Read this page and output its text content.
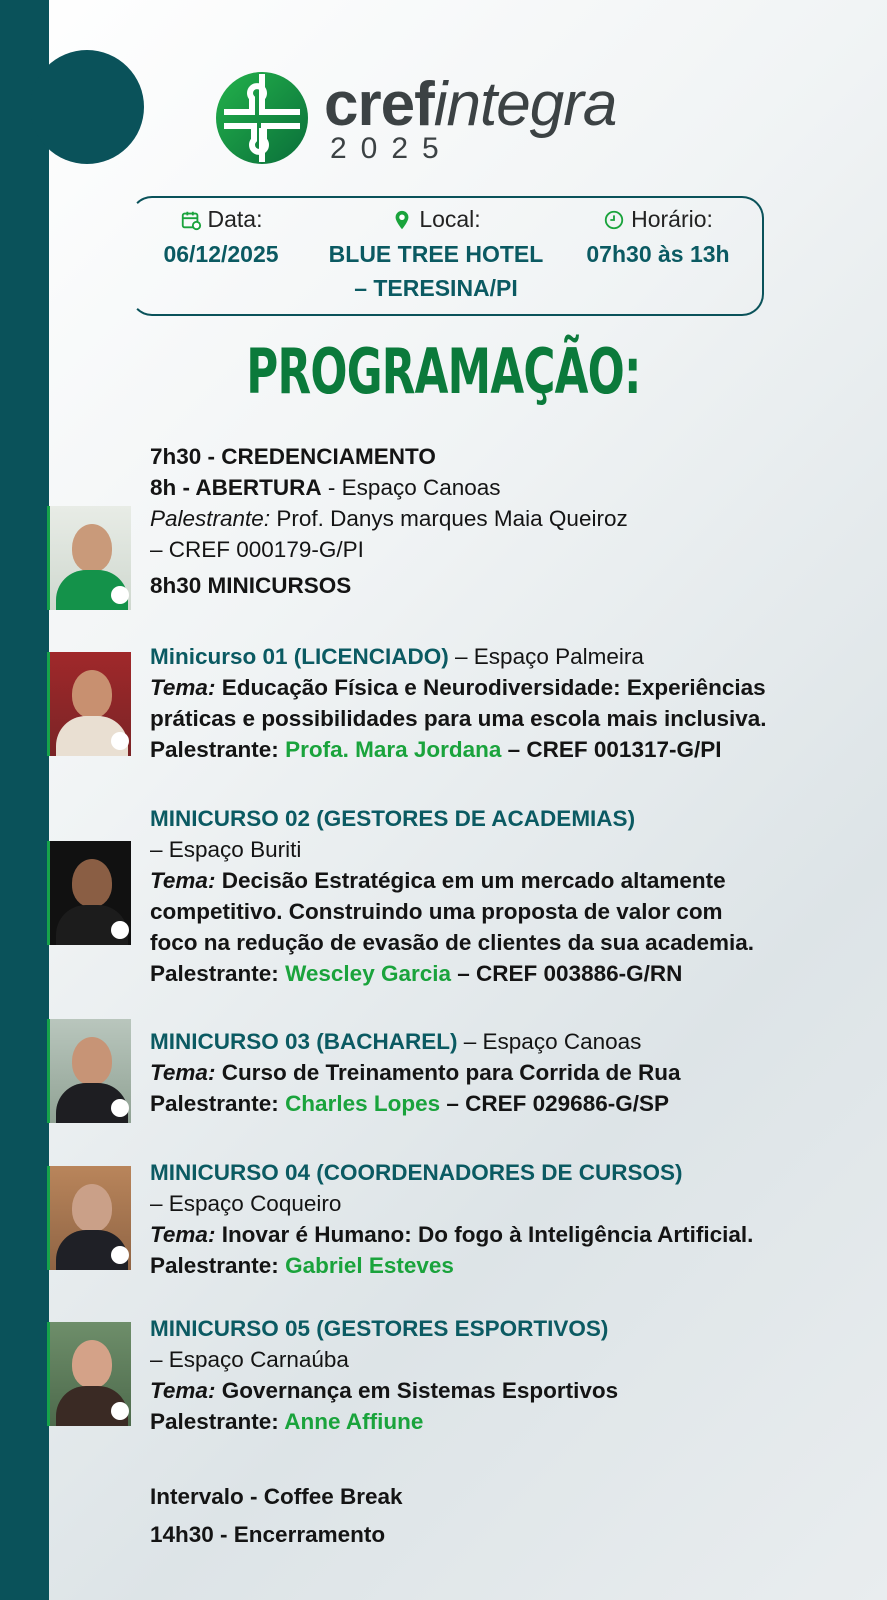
crefintegra
2025
Data:
06/12/2025
Local:
BLUE TREE HOTEL
– TERESINA/PI
Horário:
07h30 às 13h
PROGRAMAÇÃO:
7h30 - CREDENCIAMENTO
8h - ABERTURA - Espaço Canoas
Palestrante: Prof. Danys marques Maia Queiroz
– CREF 000179-G/PI
8h30 MINICURSOS
Minicurso 01 (LICENCIADO) – Espaço Palmeira
Tema: Educação Física e Neurodiversidade: Experiências
práticas e possibilidades para uma escola mais inclusiva.
Palestrante: Profa. Mara Jordana – CREF 001317-G/PI
MINICURSO 02 (GESTORES DE ACADEMIAS)
– Espaço Buriti
Tema: Decisão Estratégica em um mercado altamente
competitivo. Construindo uma proposta de valor com
foco na redução de evasão de clientes da sua academia.
Palestrante: Wescley Garcia – CREF 003886-G/RN
MINICURSO 03 (BACHAREL) – Espaço Canoas
Tema: Curso de Treinamento para Corrida de Rua
Palestrante: Charles Lopes – CREF 029686-G/SP
MINICURSO 04 (COORDENADORES DE CURSOS)
– Espaço Coqueiro
Tema: Inovar é Humano: Do fogo à Inteligência Artificial.
Palestrante: Gabriel Esteves
MINICURSO 05 (GESTORES ESPORTIVOS)
– Espaço Carnaúba
Tema: Governança em Sistemas Esportivos
Palestrante: Anne Affiune
Intervalo - Coffee Break
14h30 - Encerramento
